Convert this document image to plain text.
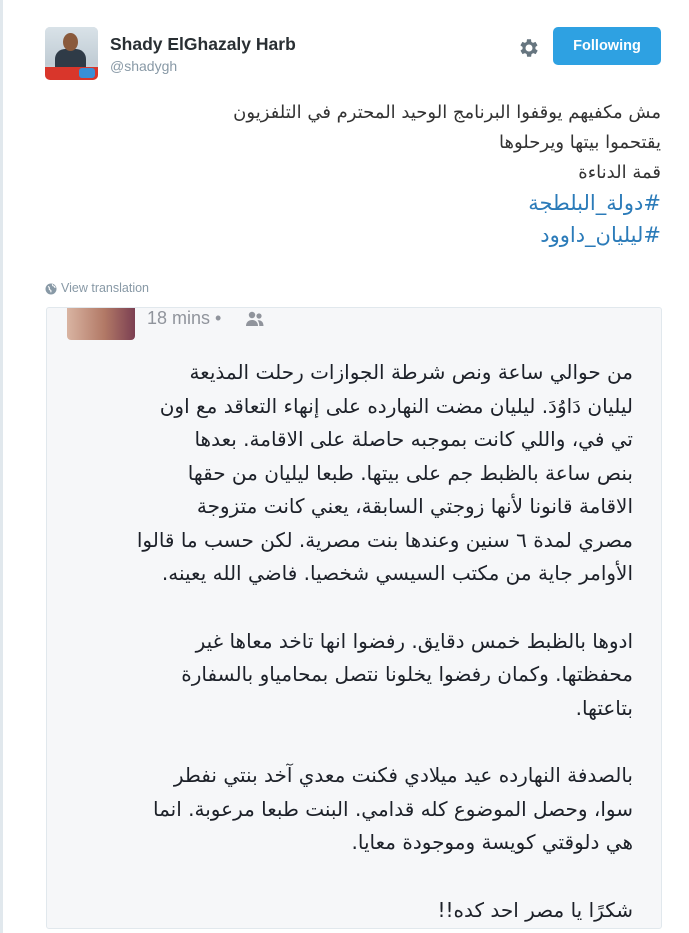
Shady ElGhazaly Harb
@shadygh
Following
مش مكفيهم يوقفوا البرنامج الوحيد المحترم في التلفزيون
يقتحموا بيتها ويرحلوها
قمة الدناءة
#دولة_البلطجة
#ليليان_داوود
View translation
18 mins •
من حوالي ساعة ونص شرطة الجوازات رحلت المذيعة
ليليان دَاوُدَ. ليليان مضت النهارده على إنهاء التعاقد مع اون
تي في، واللي كانت بموجبه حاصلة على الاقامة. بعدها
بنص ساعة بالظبط جم على بيتها. طبعا ليليان من حقها
الاقامة قانونا لأنها زوجتي السابقة، يعني كانت متزوجة
مصري لمدة ٦ سنين وعندها بنت مصرية. لكن حسب ما قالوا
الأوامر جاية من مكتب السيسي شخصيا. فاضي الله يعينه.
ادوها بالظبط خمس دقايق. رفضوا انها تاخد معاها غير
محفظتها. وكمان رفضوا يخلونا نتصل بمحامياو بالسفارة
بتاعتها.
بالصدفة النهارده عيد ميلادي فكنت معدي آخد بنتي نفطر
سوا، وحصل الموضوع كله قدامي. البنت طبعا مرعوبة. انما
هي دلوقتي كويسة وموجودة معايا.
شكرًا يا مصر احد كده!!
